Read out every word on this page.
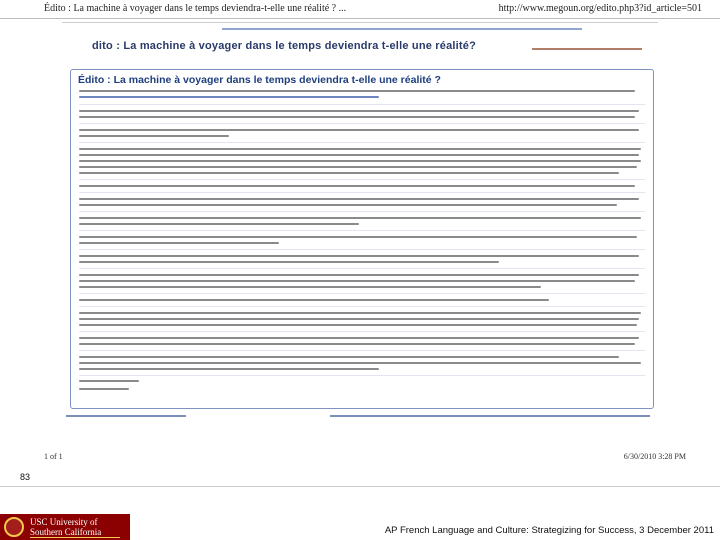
Édito : La machine à voyager dans le temps deviendra-t-elle une réalité ? ...	http://www.megoun.org/edito.php3?id_article=501
dito : La machine à voyager dans le temps deviendra t-elle une réalité?
Édito : La machine à voyager dans le temps deviendra t-elle une réalité ?
1 of 1	6/30/2010 3:28 PM
83
USC University of
Southern California	AP French Language and Culture: Strategizing for Success, 3 December 2011
